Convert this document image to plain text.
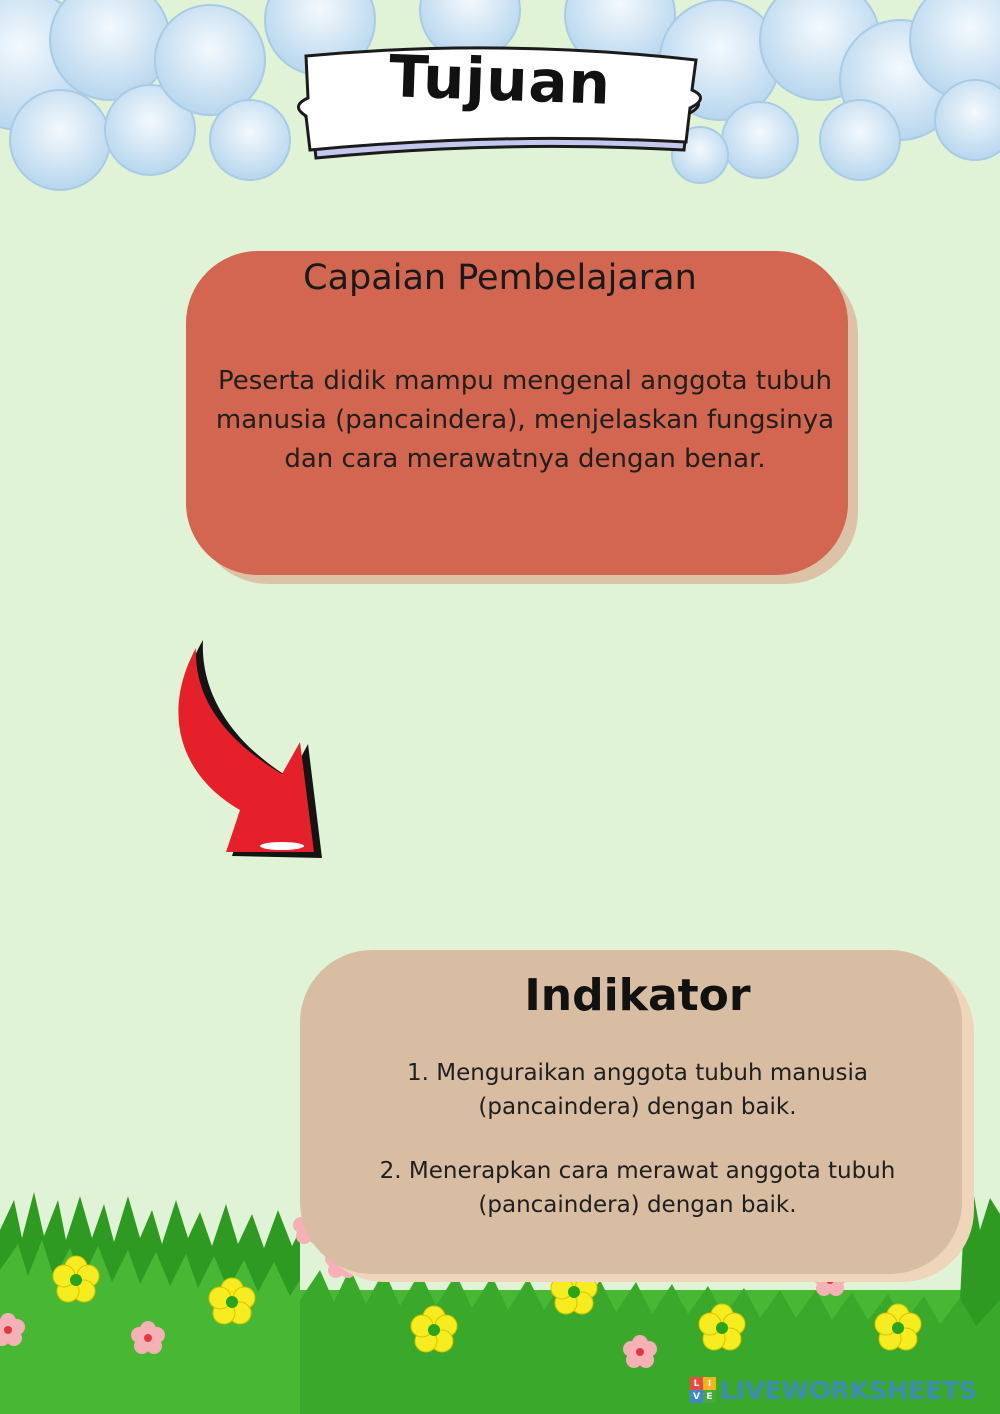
Tujuan
Capaian Pembelajaran
Peserta didik mampu mengenal anggota tubuh
manusia (pancaindera), menjelaskan fungsinya
dan cara merawatnya dengan benar.
Indikator
1. Menguraikan anggota tubuh manusia
(pancaindera) dengan baik.
2. Menerapkan cara merawat anggota tubuh
(pancaindera) dengan baik.
L I
V E LIVEWORKSHEETS
